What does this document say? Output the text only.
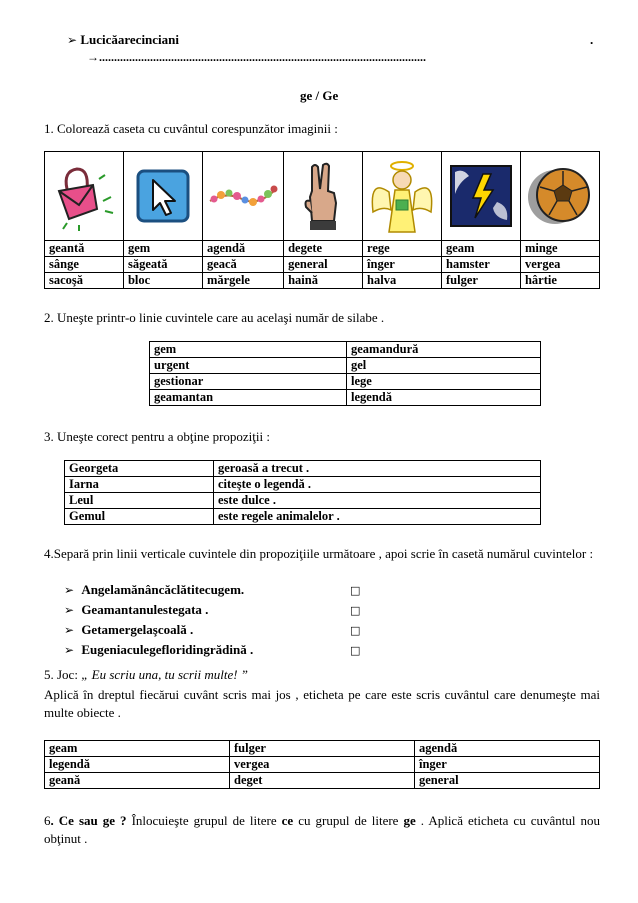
➢ Lucicăarecinciani	.
→.............................................................................................................
ge / Ge
1. Colorează caseta cu cuvântul corespunzător imaginii :

geantă	gem	agendă	degete	rege	geam	minge
sânge	săgeată	geacă	general	înger	hamster	vergea
sacoşă	bloc	mărgele	haină	halva	fulger	hârtie
2. Uneşte printr-o linie cuvintele care au acelaşi număr de silabe .
gem	geamandură
urgent	gel
gestionar	lege
geamantan	legendă
3. Uneşte corect pentru a obţine propoziţii :
Georgeta	geroasă a trecut .
Iarna	citeşte o legendă .
Leul	este dulce .
Gemul	este regele animalelor .

4.Separă prin linii verticale cuvintele din propoziţiile următoare , apoi scrie în casetă numărul cuvintelor :

➢ Angelamănâncăclătitecugem.	□
➢ Geamantanulestegata .	□
➢ Getamergelaşcoală .	□
➢ Eugeniaculegefloridingrădină .	□
5. Joc: „ Eu scriu una, tu scrii multe! ”

Aplică în dreptul fiecărui cuvânt scris mai jos , eticheta pe care este scris cuvântul care denumeşte mai multe obiecte .

geam	fulger	agendă
legendă	vergea	înger
geană	deget	general

6. Ce sau ge ? Înlocuieşte grupul de litere ce cu grupul de litere ge . Aplică eticheta cu cuvântul nou obţinut .
